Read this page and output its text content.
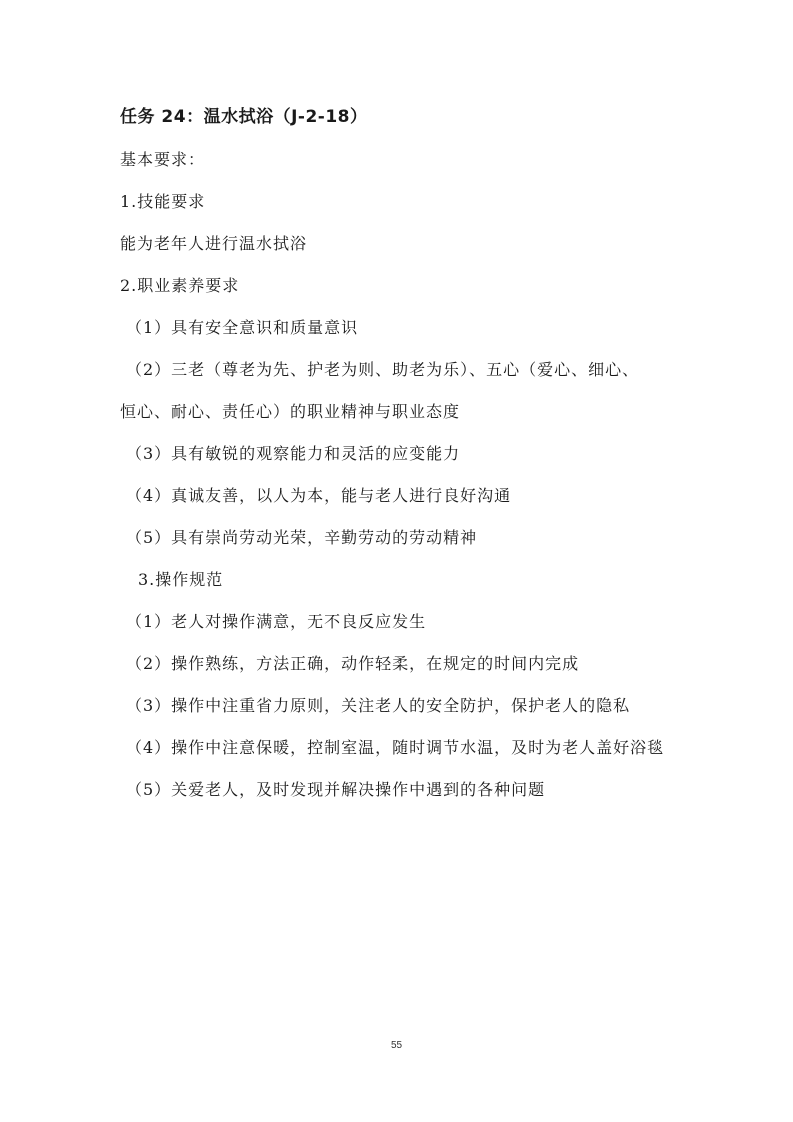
任务 24：温水拭浴（J-2-18）
基本要求：
1.技能要求
能为老年人进行温水拭浴
2.职业素养要求
（1）具有安全意识和质量意识
（2）三老（尊老为先、护老为则、助老为乐）、五心（爱心、细心、
恒心、耐心、责任心）的职业精神与职业态度
（3）具有敏锐的观察能力和灵活的应变能力
（4）真诚友善，以人为本，能与老人进行良好沟通
（5）具有崇尚劳动光荣，辛勤劳动的劳动精神
3.操作规范
（1）老人对操作满意，无不良反应发生
（2）操作熟练，方法正确，动作轻柔，在规定的时间内完成
（3）操作中注重省力原则，关注老人的安全防护，保护老人的隐私
（4）操作中注意保暖，控制室温，随时调节水温，及时为老人盖好浴毯
（5）关爱老人，及时发现并解决操作中遇到的各种问题
55
